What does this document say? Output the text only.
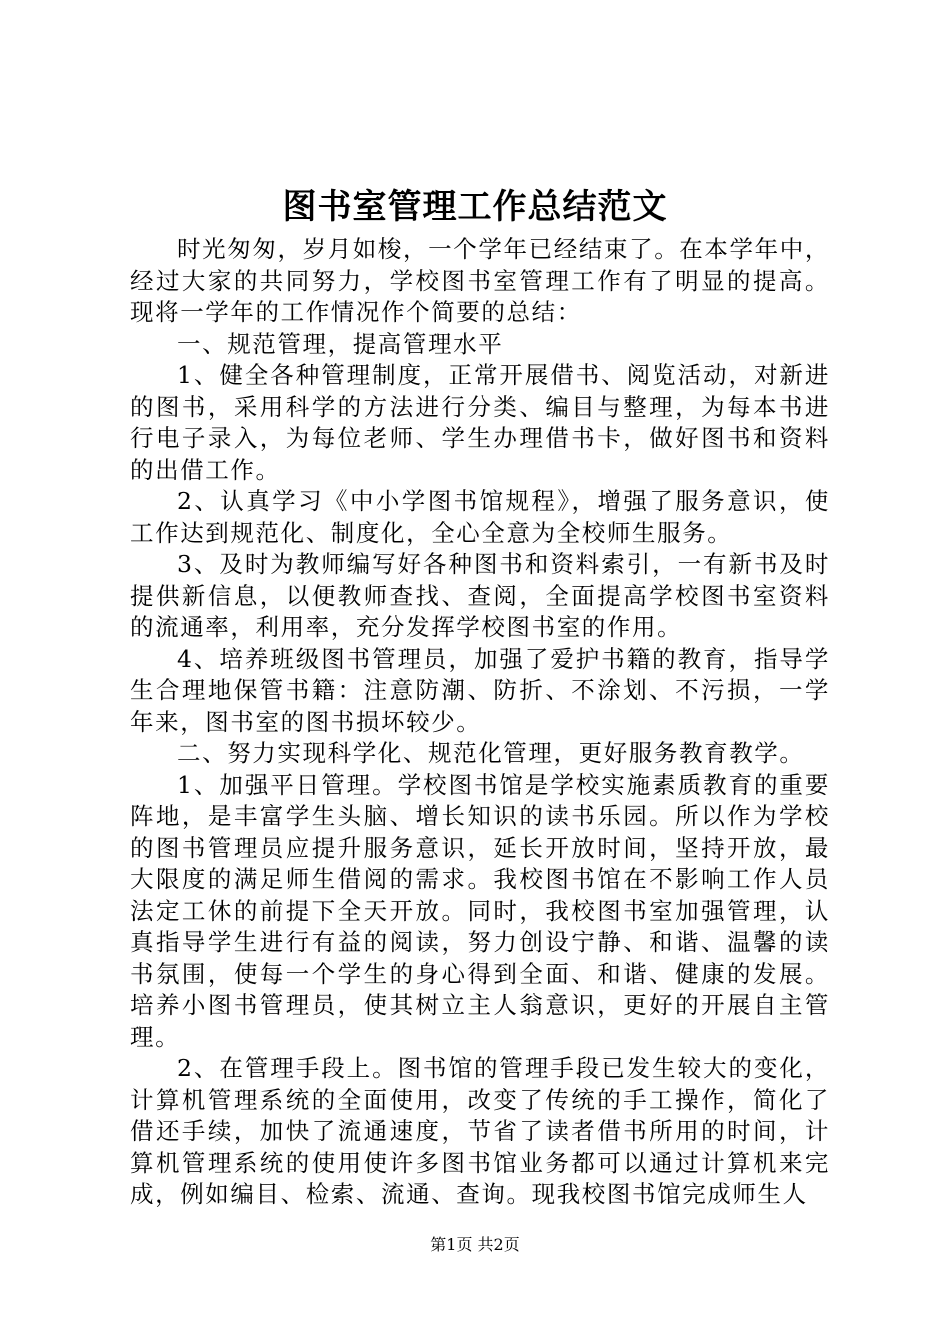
图书室管理工作总结范文

时光匆匆，岁月如梭，一个学年已经结束了。在本学年中，经过大家的共同努力，学校图书室管理工作有了明显的提高。现将一学年的工作情况作个简要的总结：

一、规范管理，提高管理水平

1、健全各种管理制度，正常开展借书、阅览活动，对新进的图书，采用科学的方法进行分类、编目与整理，为每本书进行电子录入，为每位老师、学生办理借书卡，做好图书和资料的出借工作。

2、认真学习《中小学图书馆规程》，增强了服务意识，使工作达到规范化、制度化，全心全意为全校师生服务。

3、及时为教师编写好各种图书和资料索引，一有新书及时提供新信息，以便教师查找、查阅，全面提高学校图书室资料的流通率，利用率，充分发挥学校图书室的作用。

4、培养班级图书管理员，加强了爱护书籍的教育，指导学生合理地保管书籍：注意防潮、防折、不涂划、不污损，一学年来，图书室的图书损坏较少。

二、努力实现科学化、规范化管理，更好服务教育教学。

1、加强平日管理。学校图书馆是学校实施素质教育的重要阵地，是丰富学生头脑、增长知识的读书乐园。所以作为学校的图书管理员应提升服务意识，延长开放时间，坚持开放，最大限度的满足师生借阅的需求。我校图书馆在不影响工作人员法定工休的前提下全天开放。同时，我校图书室加强管理，认真指导学生进行有益的阅读，努力创设宁静、和谐、温馨的读书氛围，使每一个学生的身心得到全面、和谐、健康的发展。培养小图书管理员，使其树立主人翁意识，更好的开展自主管理。

2、在管理手段上。图书馆的管理手段已发生较大的变化，计算机管理系统的全面使用，改变了传统的手工操作，简化了借还手续，加快了流通速度，节省了读者借书所用的时间，计算机管理系统的使用使许多图书馆业务都可以通过计算机来完成，例如编目、检索、流通、查询。现我校图书馆完成师生人

第1页 共2页
